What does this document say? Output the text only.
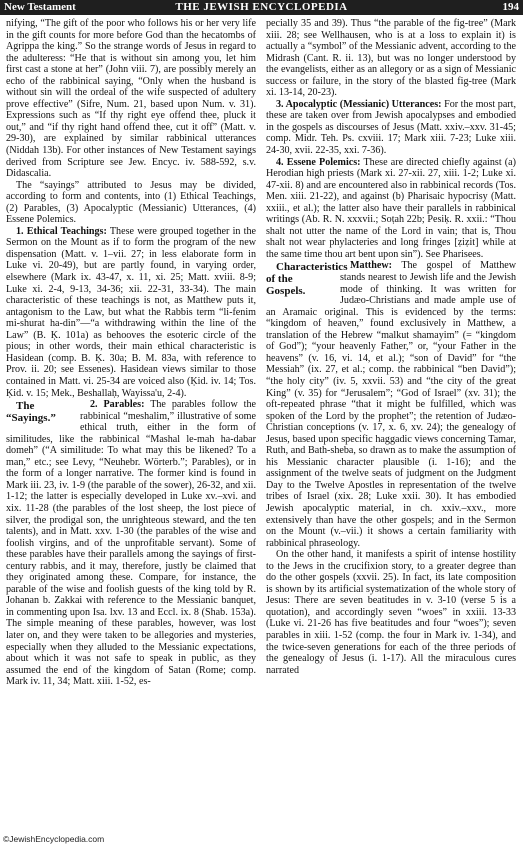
New Testament	THE JEWISH ENCYCLOPEDIA	194

nifying, “The gift of the poor who follows his or her very life in the gift counts for more before God than the hecatombs of Agrippa the king.” So the strange words of Jesus in regard to the adulteress: “He that is without sin among you, let him first cast a stone at her” (John viii. 7), are possibly merely an echo of the rabbinical saying, “Only when the husband is without sin will the ordeal of the wife suspected of adultery prove effective” (Sifre, Num. 21, based upon Num. v. 31). Expressions such as “If thy right eye offend thee, pluck it out,” and “if thy right hand offend thee, cut it off” (Matt. v. 29-30), are explained by similar rabbinical utterances (Niddah 13b). For other instances of New Testament sayings derived from Scripture see Jew. Encyc. iv. 588-592, s.v. Didascalia.

The “sayings” attributed to Jesus may be divided, according to form and contents, into (1) Ethical Teachings, (2) Parables, (3) Apocalyptic (Messianic) Utterances, (4) Essene Polemics.

1. Ethical Teachings: These were grouped together in the Sermon on the Mount as if to form the program of the new dispensation (Matt. v. 1–vii. 27; in less elaborate form in Luke vi. 20-49), but are partly found, in varying order, elsewhere (Mark ix. 43-47, x. 11, xi. 25; Matt. xviii. 8-9; Luke xi. 2-4, 9-13, 34-36; xii. 22-31, 33-34). The main characteristic of these teachings is not, as Matthew puts it, antagonism to the Law, but what the Rabbis term “li-fenim mi-shurat ha-din”—“a withdrawing within the line of the Law” (B. Ḳ. 101a) as behooves the esoteric circle of the pious; in other words, their main ethical characteristic is Hasidean (comp. B. Ḳ. 30a; B. M. 83a, with reference to Prov. ii. 20; see Essenes). Hasidean views similar to those contained in Matt. vi. 25-34 are voiced also (Ḳid. iv. 14; Tos. Ḳid. v. 15; Mek., Beshallaḥ, Wayissa'u, 2-4).

The “Sayings.”
2. Parables: The parables follow the rabbinical “meshalim,” illustrative of some ethical truth, either in the form of similitudes, like the rabbinical “Mashal le-mah ha-dabar domeh” (“A similitude: To what may this be likened? To a man,” etc.; see Levy, “Neuhebr. Wörterb.”; Parables), or in the form of a longer narrative. The former kind is found in Mark iii. 23, iv. 1-9 (the parable of the sower), 26-32, and xii. 1-12; the latter is especially developed in Luke xv.–xvi. and xix. 11-28 (the parables of the lost sheep, the lost piece of silver, the prodigal son, the unrighteous steward, and the ten talents), and in Matt. xxv. 1-30 (the parables of the wise and foolish virgins, and of the unprofitable servant). Some of these parables have their parallels among the sayings of first-century rabbis, and it may, therefore, justly be claimed that they originated among these. Compare, for instance, the parable of the wise and foolish guests of the king told by R. Johanan b. Zakkai with reference to the Messianic banquet, in commenting upon Isa. lxv. 13 and Eccl. ix. 8 (Shab. 153a). The simple meaning of these parables, however, was lost later on, and they were taken to be allegories and mysteries, especially when they alluded to the Messianic expectations, about which it was not safe to speak in public, as they assumed the end of the kingdom of Satan (Rome; comp. Mark iv. 11, 34; Matt. xiii. 1-52, es-

pecially 35 and 39). Thus “the parable of the fig-tree” (Mark xiii. 28; see Wellhausen, who is at a loss to explain it) is actually a “symbol” of the Messianic advent, according to the Midrash (Cant. R. ii. 13), but was no longer understood by the evangelists, either as an allegory or as a sign of Messianic success or failure, in the story of the blasted fig-tree (Mark xi. 13-14, 20-23).

3. Apocalyptic (Messianic) Utterances: For the most part, these are taken over from Jewish apocalypses and embodied in the gospels as discourses of Jesus (Matt. xxiv.–xxv. 31-45; comp. Midr. Teh. Ps. cxviii. 17; Mark xiii. 7-23; Luke xiii. 24-30, xvii. 22-35, xxi. 7-36).

4. Essene Polemics: These are directed chiefly against (a) Herodian high priests (Mark xi. 27-xii. 27, xiii. 1-2; Luke xi. 47-xii. 8) and are encountered also in rabbinical records (Tos. Men. xiii. 21-22), and against (b) Pharisaic hypocrisy (Matt. xxiii., et al.); the latter also have their parallels in rabbinical writings (Ab. R. N. xxxvii.; Soṭah 22b; Pesiḳ. R. xxii.: “Thou shalt not utter the name of the Lord in vain; that is, Thou shalt not wear phylacteries and long fringes [ẓiẓit] while at the same time thou art bent upon sin”). See Pharisees.

Characteristics of the Gospels.
Matthew: The gospel of Matthew stands nearest to Jewish life and the Jewish mode of thinking. It was written for Judæo-Christians and made ample use of an Aramaic original. This is evidenced by the terms: “kingdom of heaven,” found exclusively in Matthew, a translation of the Hebrew “malkut shamayim” (= “kingdom of God”); “your heavenly Father,” or, “your Father in the heavens” (v. 16, vi. 14, et al.); “son of David” for “the Messiah” (ix. 27, et al.; comp. the rabbinical “ben David”); “the holy city” (iv. 5, xxvii. 53) and “the city of the great King” (v. 35) for “Jerusalem”; “God of Israel” (xv. 31); the oft-repeated phrase “that it might be fulfilled, which was spoken of the Lord by the prophet”; the retention of Judæo-Christian conceptions (v. 17, x. 6, xv. 24); the genealogy of Jesus, based upon specific haggadic views concerning Tamar, Ruth, and Bath-sheba, so drawn as to make the assumption of his Messianic character plausible (i. 1-16); and the assignment of the twelve seats of judgment on the Judgment Day to the Twelve Apostles in representation of the twelve tribes of Israel (xix. 28; Luke xxii. 30). It has embodied Jewish apocalyptic material, in ch. xxiv.–xxv., more extensively than have the other gospels; and in the Sermon on the Mount (v.–vii.) it shows a certain familiarity with rabbinical phraseology.

On the other hand, it manifests a spirit of intense hostility to the Jews in the crucifixion story, to a greater degree than do the other gospels (xxvii. 25). In fact, its late composition is shown by its artificial systematization of the whole story of Jesus: There are seven beatitudes in v. 3-10 (verse 5 is a quotation), and accordingly seven “woes” in xxiii. 13-33 (Luke vi. 21-26 has five beatitudes and four “woes”); seven parables in xiii. 1-52 (comp. the four in Mark iv. 1-34), and the twice-seven generations for each of the three periods of the genealogy of Jesus (i. 1-17). All the miraculous cures narrated

©JewishEncyclopedia.com
